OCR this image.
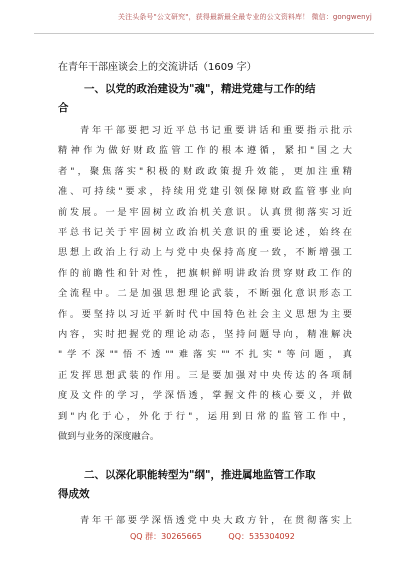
关注头条号"公文研究"，获得最新最全最专业的公文资料库！ 微信：gongwenyj
在青年干部座谈会上的交流讲话（1609 字）
一、以党的政治建设为"魂"，精进党建与工作的结
合
青年干部要把习近平总书记重要讲话和重要指示批示
精神作为做好财政监管工作的根本遵循，紧扣"国之大
者"，聚焦落实"积极的财政政策提升效能，更加注重精
准、可持续"要求，持续用党建引领保障财政监管事业向
前发展。一是牢固树立政治机关意识。认真贯彻落实习近
平总书记关于牢固树立政治机关意识的重要论述，始终在
思想上政治上行动上与党中央保持高度一致，不断增强工
作的前瞻性和针对性，把旗帜鲜明讲政治贯穿财政工作的
全流程中。二是加强思想理论武装，不断强化意识形态工
作。要坚持以习近平新时代中国特色社会主义思想为主要
内容，实时把握党的理论动态，坚持问题导向，精准解决
"学不深""悟不透""难落实""不扎实"等问题，真
正发挥思想武装的作用。三是要加强对中央传达的各项制
度及文件的学习，学深悟透，掌握文件的核心要义，并做
到"内化于心，外化于行"，运用到日常的监管工作中，
做到与业务的深度融合。
二、以深化职能转型为"纲"，推进属地监管工作取
得成效
青年干部要学深悟透党中央大政方针，在贯彻落实上
QQ 群：30265665	QQ：535304092
